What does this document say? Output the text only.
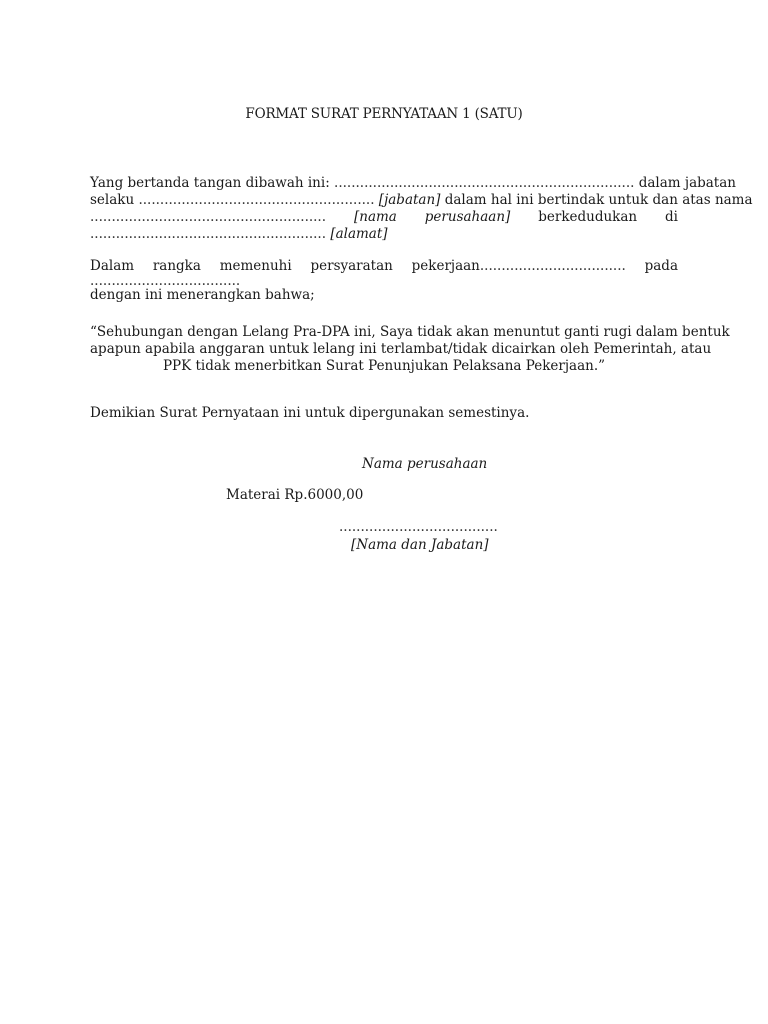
FORMAT SURAT PERNYATAAN 1 (SATU)
Yang bertanda tangan dibawah ini: ...................................................................... dalam jabatan
selaku ....................................................... [jabatan] dalam hal ini bertindak untuk dan atas nama
....................................................... [nama perusahaan] berkedudukan di
....................................................... [alamat]
Dalam rangka memenuhi persyaratan pekerjaan.................................. pada
...................................
dengan ini menerangkan bahwa;
“Sehubungan dengan Lelang Pra-DPA ini, Saya tidak akan menuntut ganti rugi dalam bentuk
apapun apabila anggaran untuk lelang ini terlambat/tidak dicairkan oleh Pemerintah, atau
PPK tidak menerbitkan Surat Penunjukan Pelaksana Pekerjaan.”
Demikian Surat Pernyataan ini untuk dipergunakan semestinya.
Nama perusahaan
Materai Rp.6000,00
.....................................
[Nama dan Jabatan]
